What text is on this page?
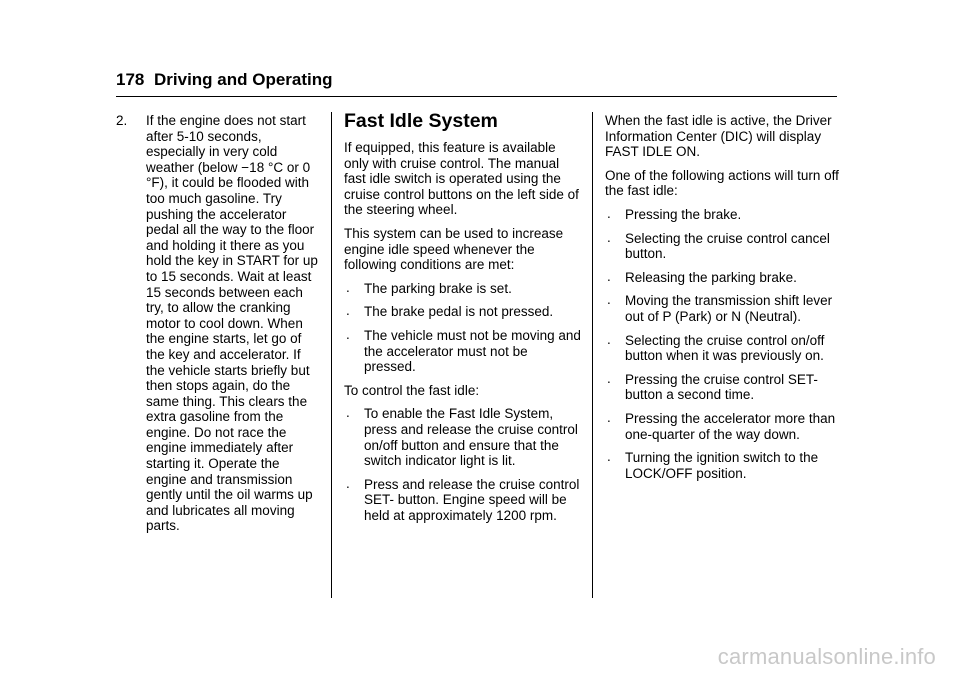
178 Driving and Operating
2. If the engine does not start after 5-10 seconds, especially in very cold weather (below −18 °C or 0 °F), it could be flooded with too much gasoline. Try pushing the accelerator pedal all the way to the floor and holding it there as you hold the key in START for up to 15 seconds. Wait at least 15 seconds between each try, to allow the cranking motor to cool down. When the engine starts, let go of the key and accelerator. If the vehicle starts briefly but then stops again, do the same thing. This clears the extra gasoline from the engine. Do not race the engine immediately after starting it. Operate the engine and transmission gently until the oil warms up and lubricates all moving parts.
Fast Idle System

If equipped, this feature is available only with cruise control. The manual fast idle switch is operated using the cruise control buttons on the left side of the steering wheel.

This system can be used to increase engine idle speed whenever the following conditions are met:

. The parking brake is set.
. The brake pedal is not pressed.
. The vehicle must not be moving and the accelerator must not be pressed.

To control the fast idle:

. To enable the Fast Idle System, press and release the cruise control on/off button and ensure that the switch indicator light is lit.
. Press and release the cruise control SET- button. Engine speed will be held at approximately 1200 rpm.

When the fast idle is active, the Driver Information Center (DIC) will display FAST IDLE ON.

One of the following actions will turn off the fast idle:

. Pressing the brake.
. Selecting the cruise control cancel button.
. Releasing the parking brake.
. Moving the transmission shift lever out of P (Park) or N (Neutral).
. Selecting the cruise control on/off button when it was previously on.
. Pressing the cruise control SET- button a second time.
. Pressing the accelerator more than one-quarter of the way down.
. Turning the ignition switch to the LOCK/OFF position.
carmanualsonline.info
